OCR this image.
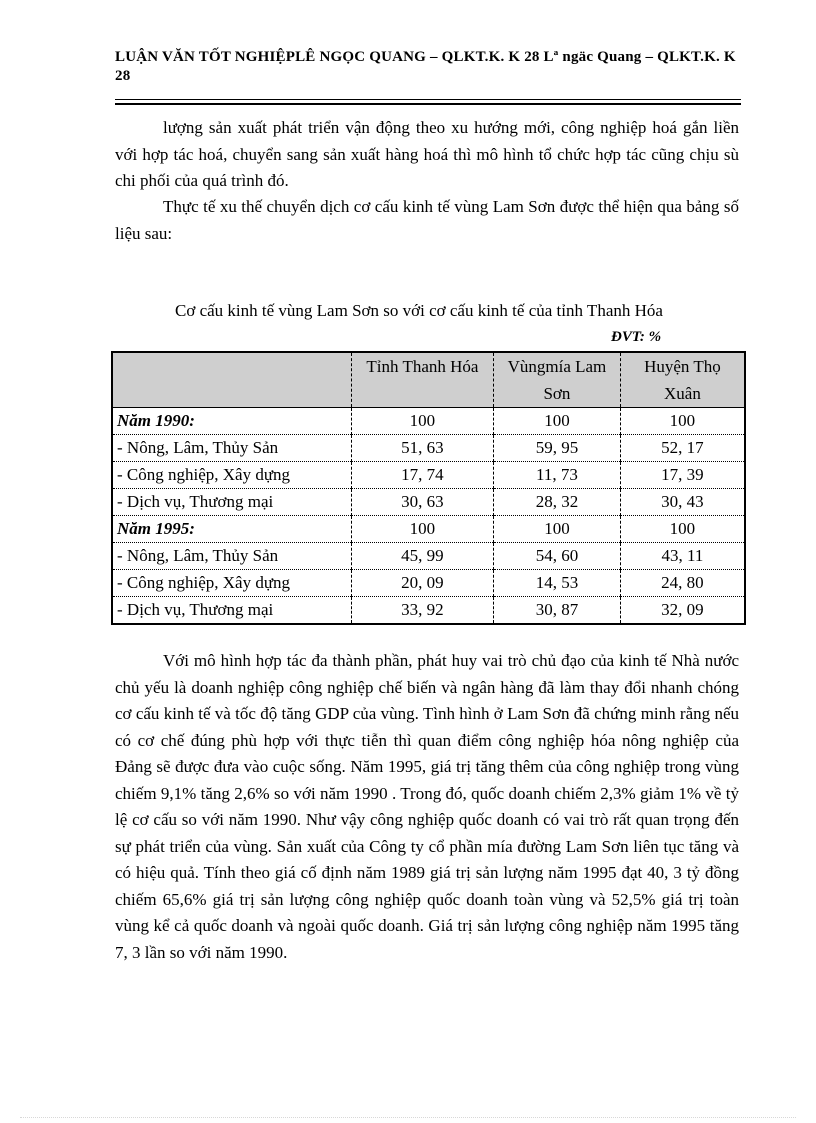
LUẬN VĂN TỐT NGHIỆPLÊ NGỌC QUANG – QLKT.K. K 28 Lª ngäc Quang – QLKT.K. K 28

lượng sản xuất phát triển vận động theo xu hướng mới, công nghiệp hoá gắn liền với hợp tác hoá, chuyển sang sản xuất hàng hoá thì mô hình tổ chức hợp tác cũng chịu sù chi phối của quá trình đó.

Thực tế xu thế chuyển dịch cơ cấu kinh tế vùng Lam Sơn được thể hiện qua bảng số liệu sau:

Cơ cấu kinh tế vùng Lam Sơn so với cơ cấu kinh tế của tỉnh Thanh Hóa
ĐVT: %
	Tỉnh Thanh Hóa	Vùngmía Lam Sơn	Huyện Thọ Xuân
Năm 1990:	100	100	100
- Nông, Lâm, Thủy Sản	51, 63	59, 95	52, 17
- Công nghiệp, Xây dựng	17, 74	11, 73	17, 39
- Dịch vụ, Thương mại	30, 63	28, 32	30, 43
Năm 1995:	100	100	100
- Nông, Lâm, Thủy Sản	45, 99	54, 60	43, 11
- Công nghiệp, Xây dựng	20, 09	14, 53	24, 80
- Dịch vụ, Thương mại	33, 92	30, 87	32, 09

Với mô hình hợp tác đa thành phần, phát huy vai trò chủ đạo của kinh tế Nhà nước chủ yếu là doanh nghiệp công nghiệp chế biến và ngân hàng đã làm thay đổi nhanh chóng cơ cấu kinh tế và tốc độ tăng GDP của vùng. Tình hình ở Lam Sơn đã chứng minh rằng nếu có cơ chế đúng phù hợp với thực tiễn thì quan điểm công nghiệp hóa nông nghiệp của Đảng sẽ được đưa vào cuộc sống. Năm 1995, giá trị tăng thêm của công nghiệp trong vùng chiếm 9,1% tăng 2,6% so với năm 1990 . Trong đó, quốc doanh chiếm 2,3% giảm 1% về tỷ lệ cơ cấu so với năm 1990. Như vậy công nghiệp quốc doanh có vai trò rất quan trọng đến sự phát triển của vùng. Sản xuất của Công ty cổ phần mía đường Lam Sơn liên tục tăng và có hiệu quả. Tính theo giá cố định năm 1989 giá trị sản lượng năm 1995 đạt 40, 3 tỷ đồng chiếm 65,6% giá trị sản lượng công nghiệp quốc doanh toàn vùng và 52,5% giá trị toàn vùng kể cả quốc doanh và ngoài quốc doanh. Giá trị sản lượng công nghiệp năm 1995 tăng 7, 3 lần so với năm 1990.
